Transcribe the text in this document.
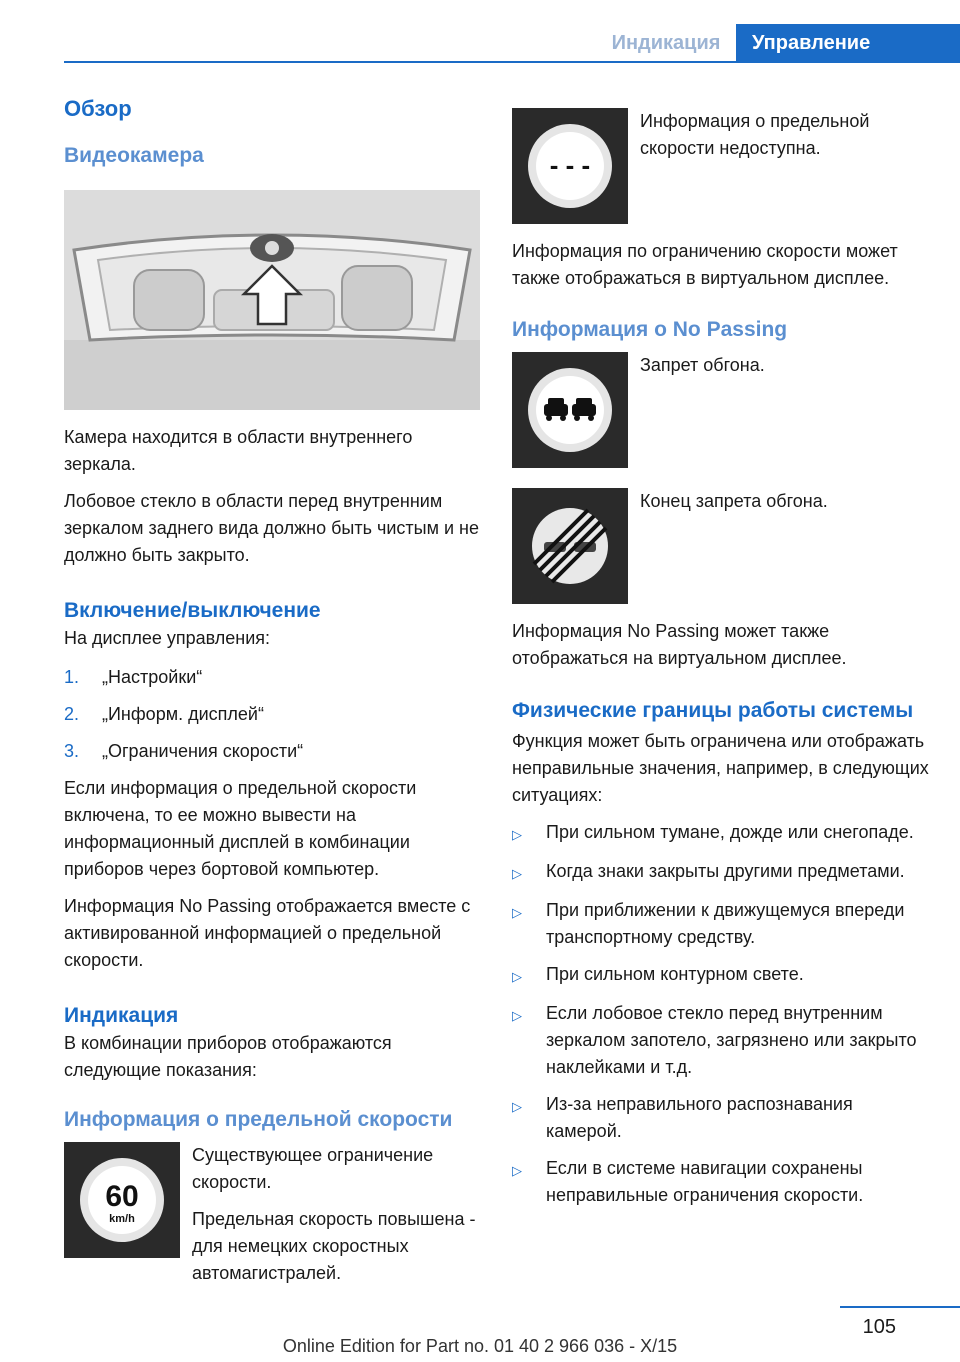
Индикация	Управление
Обзор
Видеокамера

Камера находится в области внутреннего зеркала.

Лобовое стекло в области перед внутренним зеркалом заднего вида должно быть чистым и не должно быть закрыто.

Включение/выключение

На дисплее управления:

1.	„Настройки“
2.	„Информ. дисплей“
3.	„Ограничения скорости“

Если информация о предельной скорости включена, то ее можно вывести на информационный дисплей в комбинации приборов через бортовой компьютер.

Информация No Passing отображается вместе с активированной информацией о предельной скорости.

Индикация

В комбинации приборов отображаются следующие показания:

Информация о предельной скорости
60
km/h

Существующее ограничение скорости.

Предельная скорость повышена - для немецких скоростных автомагистралей.

- - -

Информация о предельной скорости недоступна.

Информация по ограничению скорости может также отображаться в виртуальном дисплее.

Информация о No Passing

Запрет обгона.

Конец запрета обгона.

Информация No Passing может также отображаться на виртуальном дисплее.

Физические границы работы системы

Функция может быть ограничена или отображать неправильные значения, например, в следующих ситуациях:

▷	При сильном тумане, дожде или снегопаде.
▷	Когда знаки закрыты другими предметами.
▷	При приближении к движущемуся впереди транспортному средству.
▷	При сильном контурном свете.
▷	Если лобовое стекло перед внутренним зеркалом запотело, загрязнено или закрыто наклейками и т.д.
▷	Из-за неправильного распознавания камерой.
▷	Если в системе навигации сохранены неправильные ограничения скорости.
105
Online Edition for Part no. 01 40 2 966 036 - X/15
